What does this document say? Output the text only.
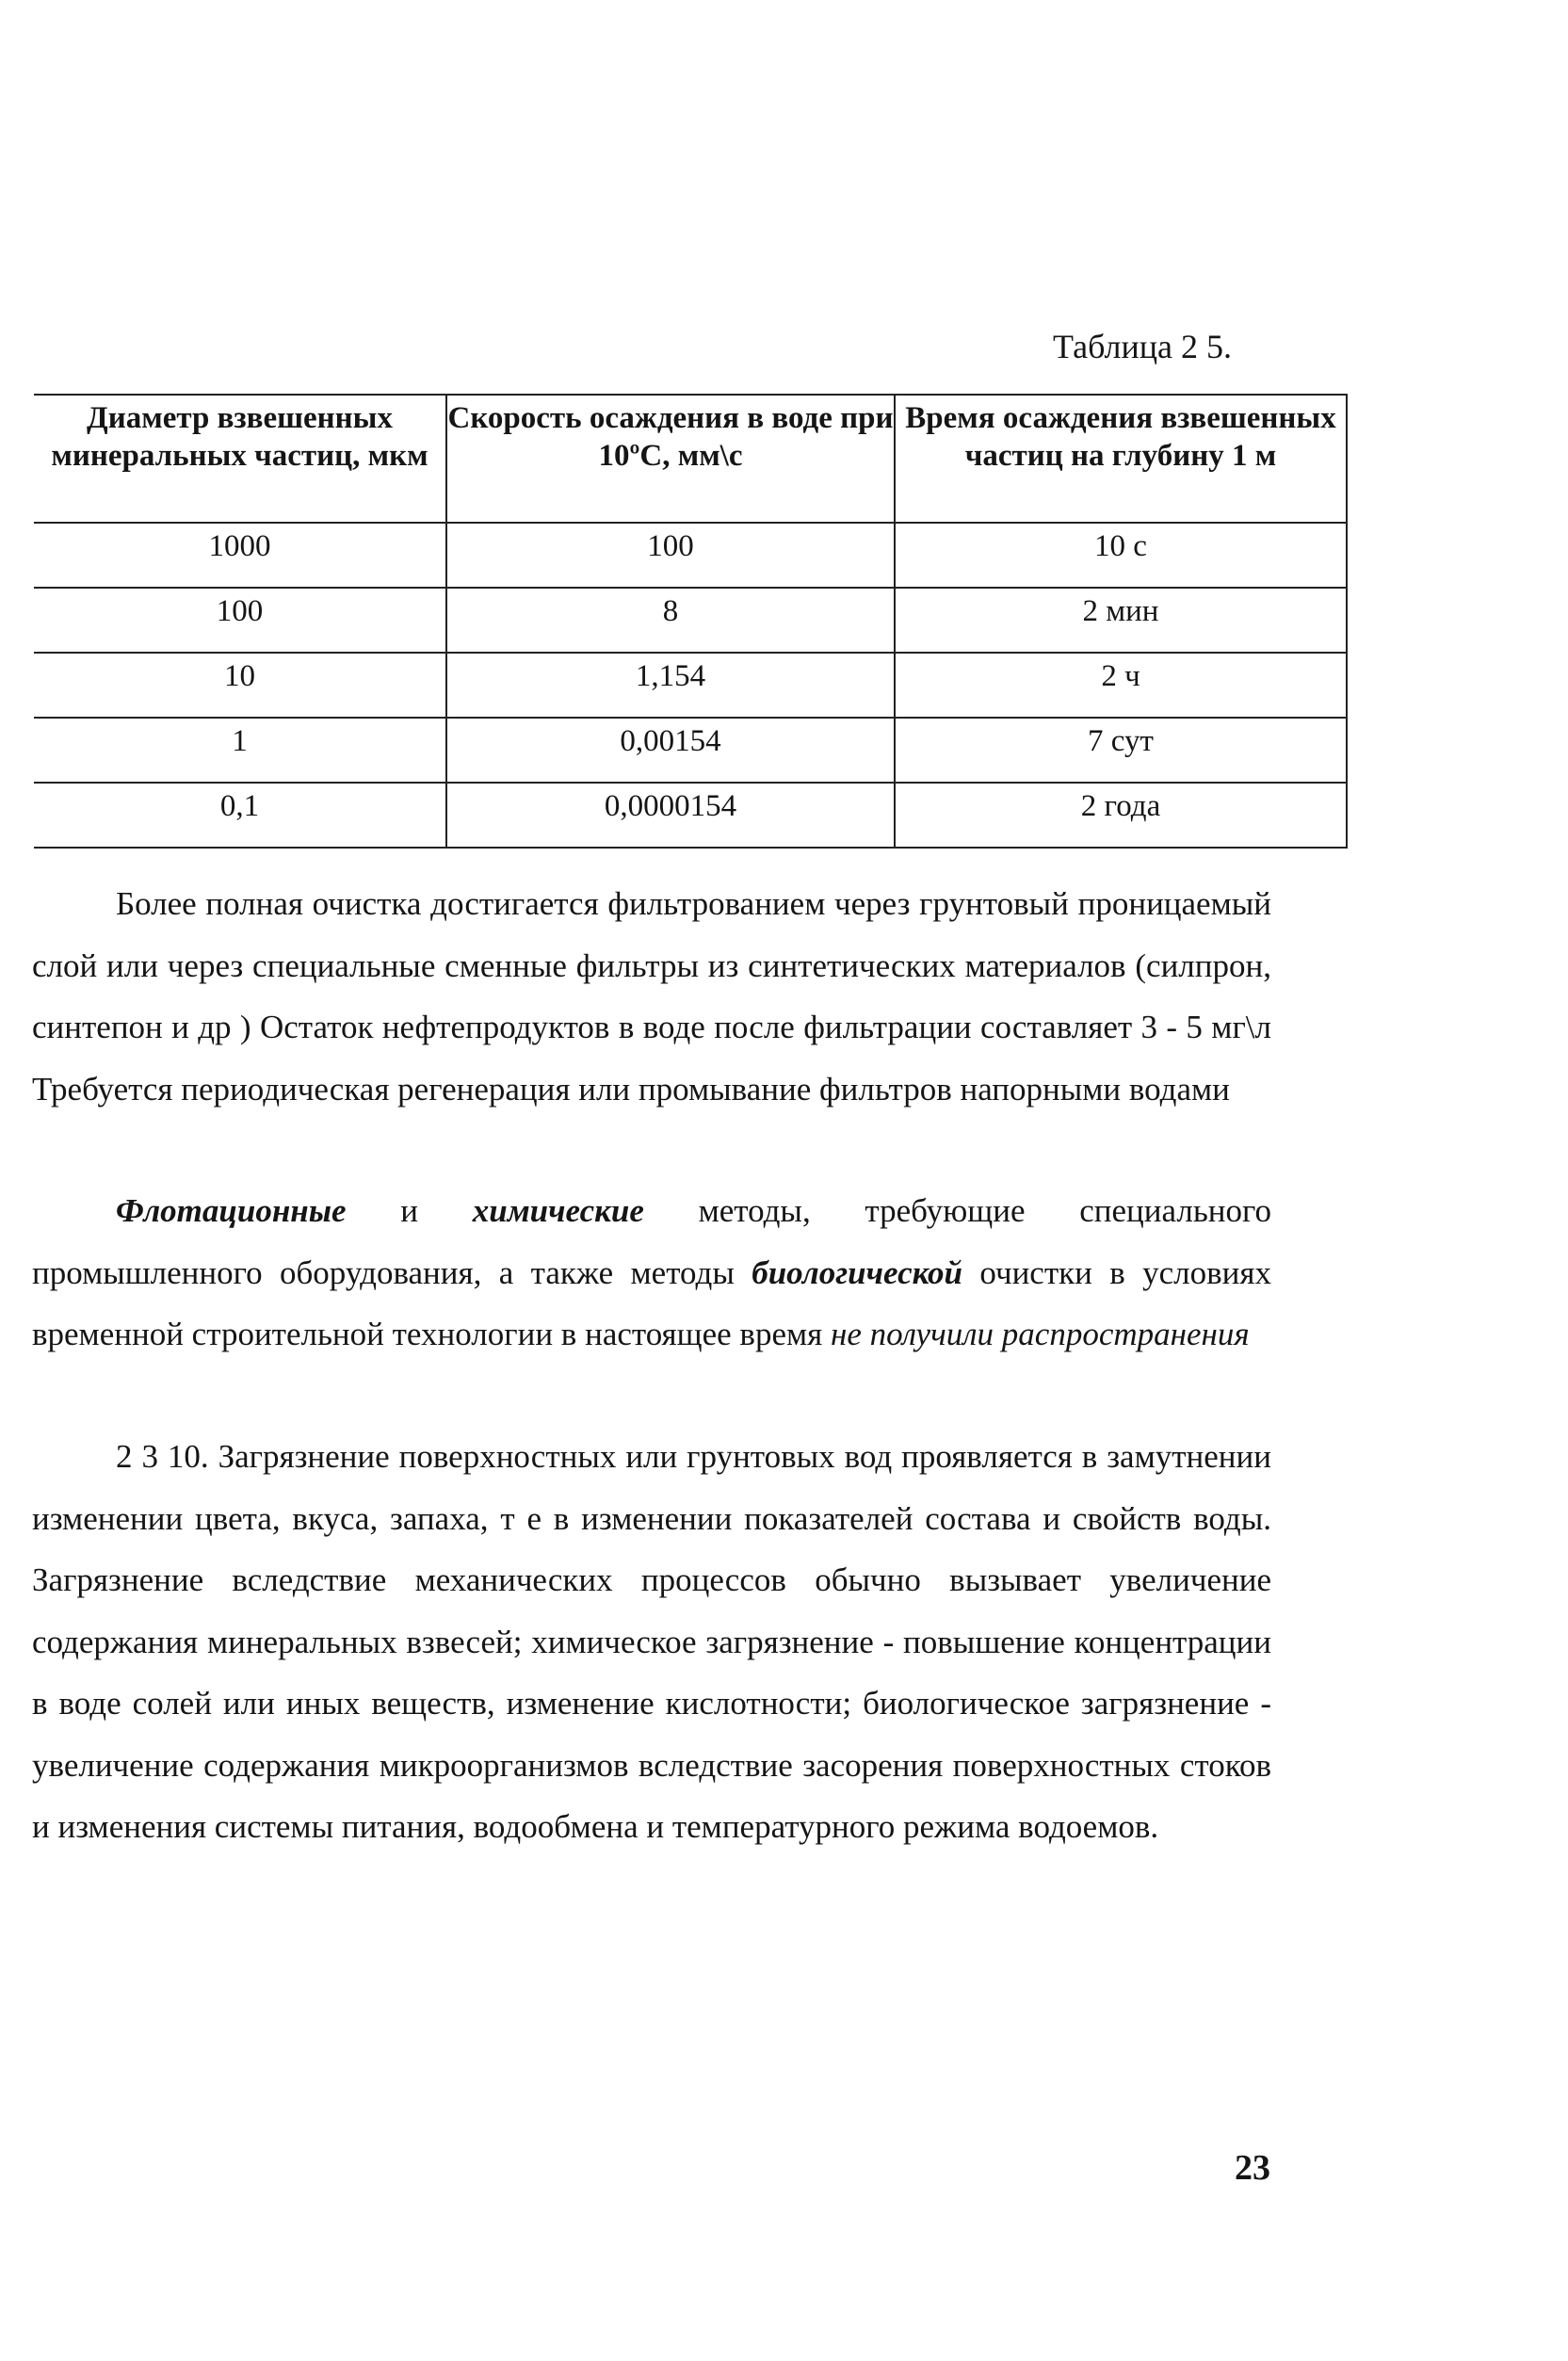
Таблица 2 5.
Диаметр взвешенных минеральных частиц, мкм	Скорость осаждения в воде при 10ºС, мм\с	Время осаждения взвешенных частиц на глубину 1 м
1000	100	10 с
100	8	2 мин
10	1,154	2 ч
1	0,00154	7 сут
0,1	0,0000154	2 года

Более полная очистка достигается фильтрованием через грунтовый проницаемый слой или через специальные сменные фильтры из синтетических материалов (силпрон, синтепон и др ) Остаток нефтепродуктов в воде после фильтрации составляет 3 - 5 мг\л Требуется периодическая регенерация или промывание фильтров напорными водами

Флотационные и химические методы, требующие специального промышленного оборудования, а также методы биологической очистки в условиях временной строительной технологии в настоящее время не получили распространения

2 3 10. Загрязнение поверхностных или грунтовых вод проявляется в замутнении изменении цвета, вкуса, запаха, т е в изменении показателей состава и свойств воды. Загрязнение вследствие механических процессов обычно вызывает увеличение содержания минеральных взвесей; химическое загрязнение - повышение концентрации в воде солей или иных веществ, изменение кислотности; биологическое загрязнение - увеличение содержания микроорганизмов вследствие засорения поверхностных стоков и изменения системы питания, водообмена и температурного режима водоемов.

23
